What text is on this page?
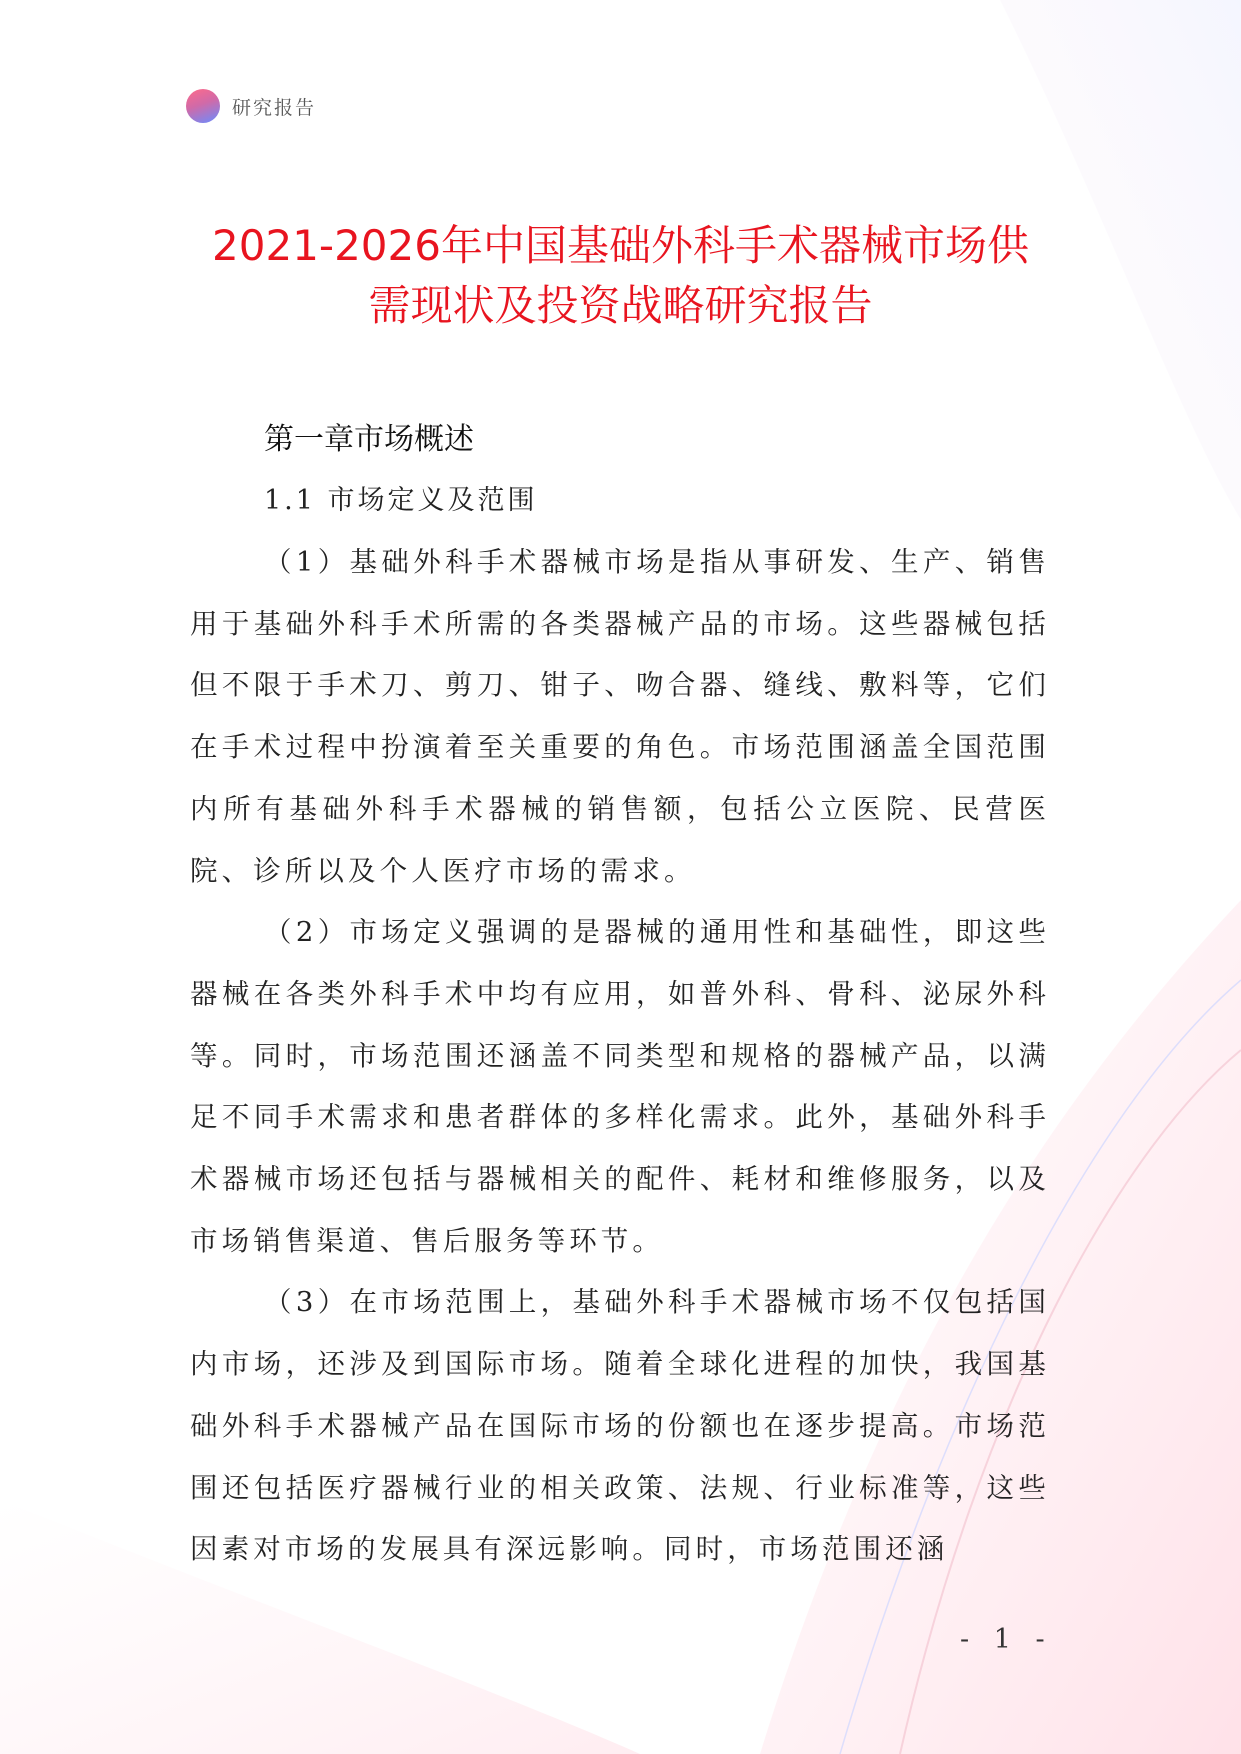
研究报告
2021-2026年中国基础外科手术器械市场供
需现状及投资战略研究报告
第一章市场概述
1.1 市场定义及范围

（1）基础外科手术器械市场是指从事研发、生产、销售用于基础外科手术所需的各类器械产品的市场。这些器械包括但不限于手术刀、剪刀、钳子、吻合器、缝线、敷料等，它们在手术过程中扮演着至关重要的角色。市场范围涵盖全国范围内所有基础外科手术器械的销售额，包括公立医院、民营医院、诊所以及个人医疗市场的需求。

（2）市场定义强调的是器械的通用性和基础性，即这些器械在各类外科手术中均有应用，如普外科、骨科、泌尿外科等。同时，市场范围还涵盖不同类型和规格的器械产品，以满足不同手术需求和患者群体的多样化需求。此外，基础外科手术器械市场还包括与器械相关的配件、耗材和维修服务，以及市场销售渠道、售后服务等环节。

（3）在市场范围上，基础外科手术器械市场不仅包括国内市场，还涉及到国际市场。随着全球化进程的加快，我国基础外科手术器械产品在国际市场的份额也在逐步提高。市场范围还包括医疗器械行业的相关政策、法规、行业标准等，这些因素对市场的发展具有深远影响。同时，市场范围还涵

- 1 -
